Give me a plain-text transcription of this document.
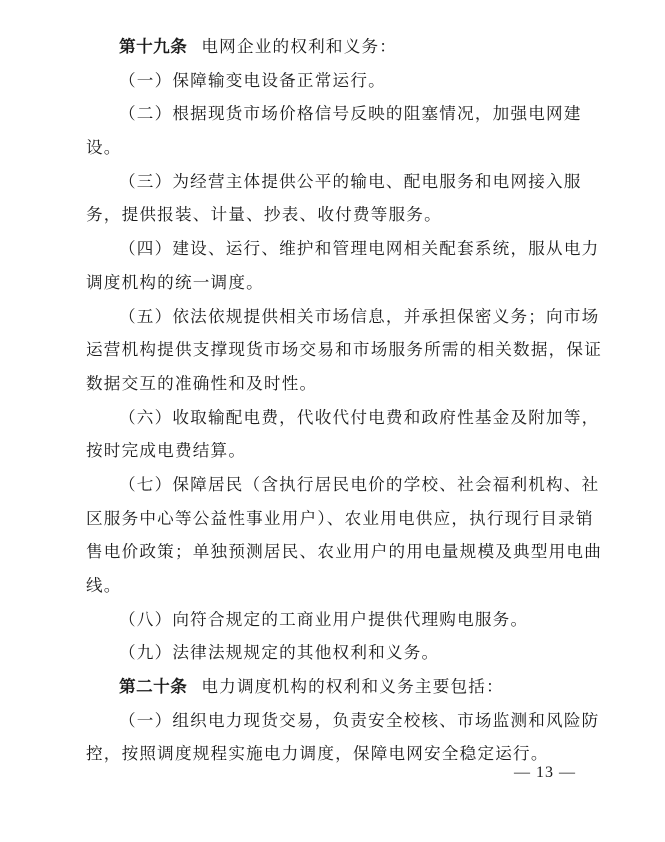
第十九条 电网企业的权利和义务：
（一）保障输变电设备正常运行。
（二）根据现货市场价格信号反映的阻塞情况，加强电网建
设。
（三）为经营主体提供公平的输电、配电服务和电网接入服
务，提供报装、计量、抄表、收付费等服务。
（四）建设、运行、维护和管理电网相关配套系统，服从电力
调度机构的统一调度。
（五）依法依规提供相关市场信息，并承担保密义务；向市场
运营机构提供支撑现货市场交易和市场服务所需的相关数据，保证
数据交互的准确性和及时性。
（六）收取输配电费，代收代付电费和政府性基金及附加等，
按时完成电费结算。
（七）保障居民（含执行居民电价的学校、社会福利机构、社
区服务中心等公益性事业用户）、农业用电供应，执行现行目录销
售电价政策；单独预测居民、农业用户的用电量规模及典型用电曲
线。
（八）向符合规定的工商业用户提供代理购电服务。
（九）法律法规规定的其他权利和义务。
第二十条 电力调度机构的权利和义务主要包括：
（一）组织电力现货交易，负责安全校核、市场监测和风险防
控，按照调度规程实施电力调度，保障电网安全稳定运行。
— 13 —
